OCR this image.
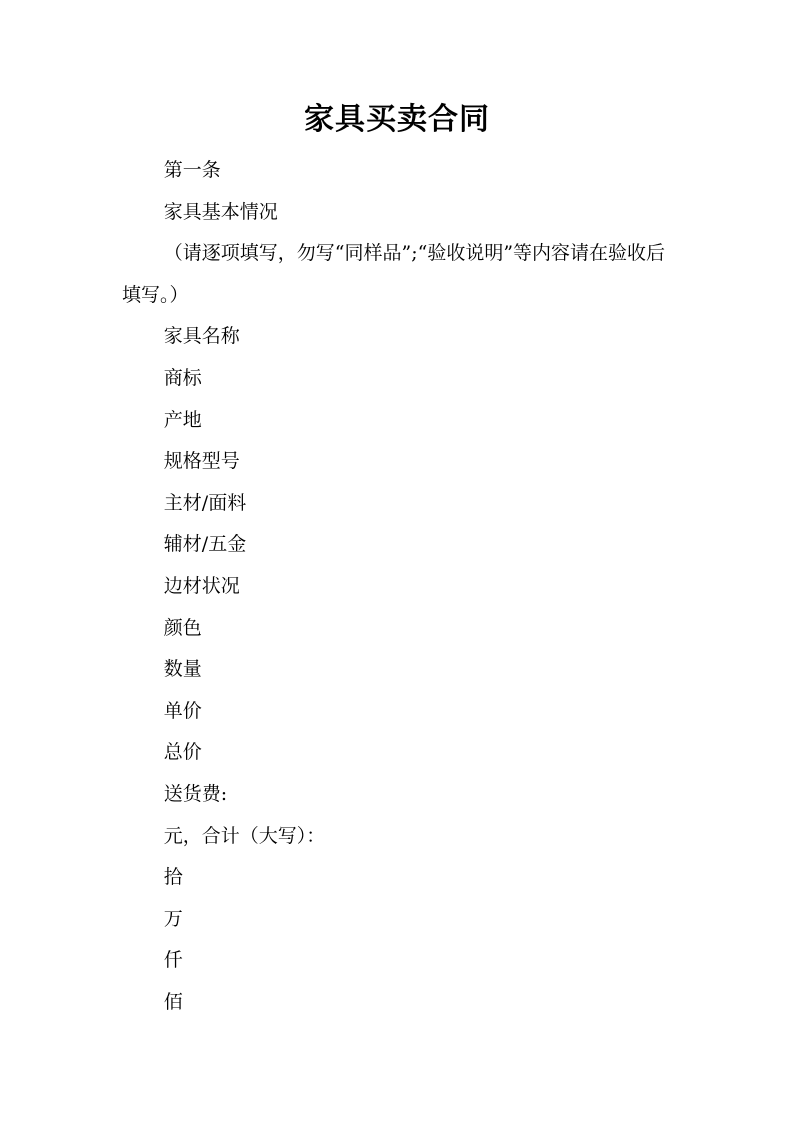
家具买卖合同

第一条

家具基本情况

（请逐项填写，勿写“同样品”;“验收说明”等内容请在验收后填写。）

家具名称

商标

产地

规格型号

主材/面料

辅材/五金

边材状况

颜色

数量

单价

总价

送货费:

元，合计（大写）：

拾

万

仟

佰
